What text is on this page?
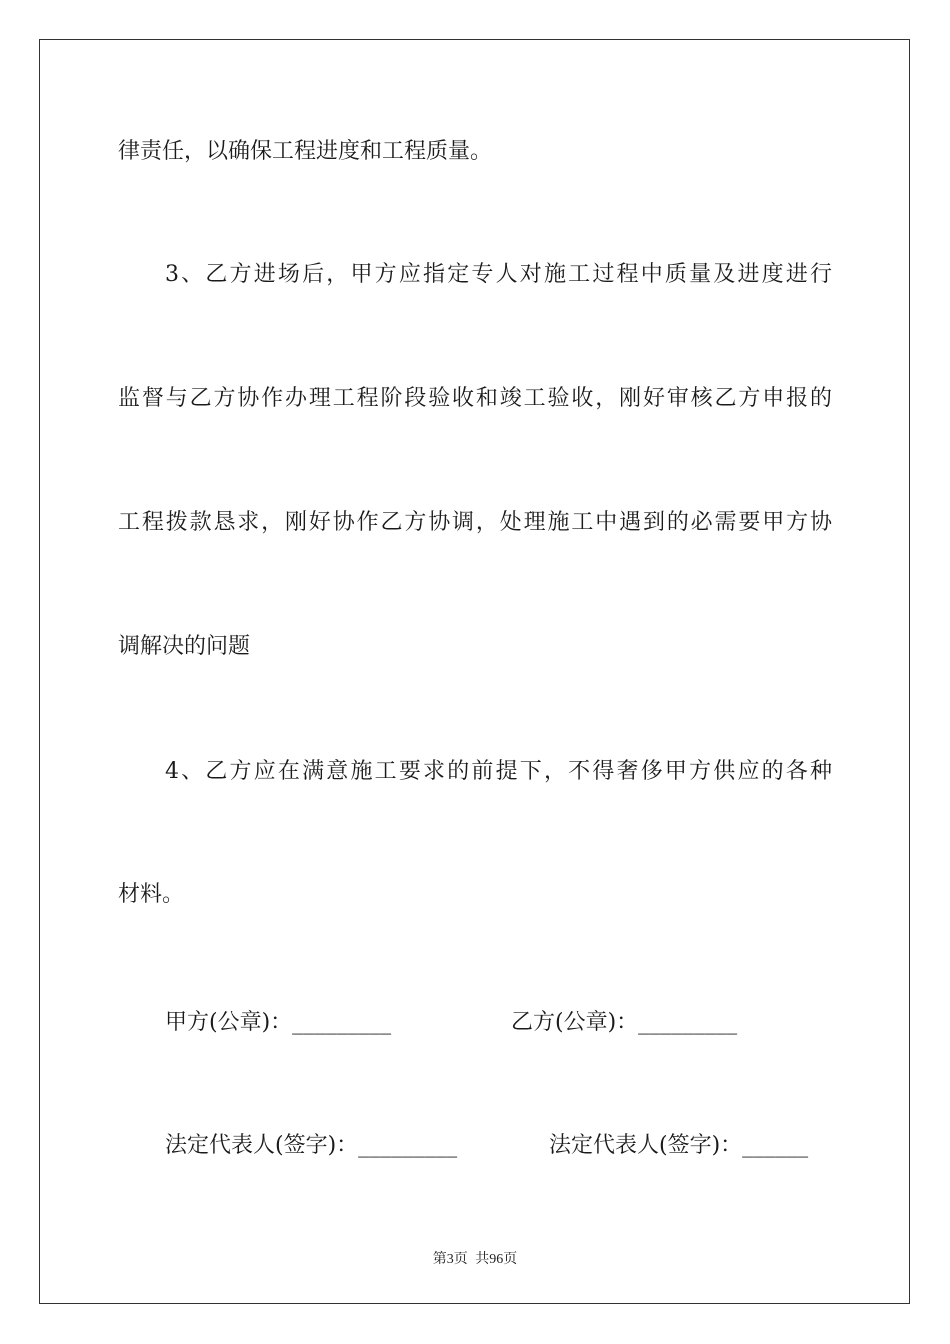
律责任，以确保工程进度和工程质量。
3、乙方进场后，甲方应指定专人对施工过程中质量及进度进行
监督与乙方协作办理工程阶段验收和竣工验收，刚好审核乙方申报的
工程拨款恳求，刚好协作乙方协调，处理施工中遇到的必需要甲方协
调解决的问题
4、乙方应在满意施工要求的前提下，不得奢侈甲方供应的各种
材料。
甲方(公章)：_________	乙方(公章)：_________
法定代表人(签字)：_________	法定代表人(签字)：______
第3页 共96页
